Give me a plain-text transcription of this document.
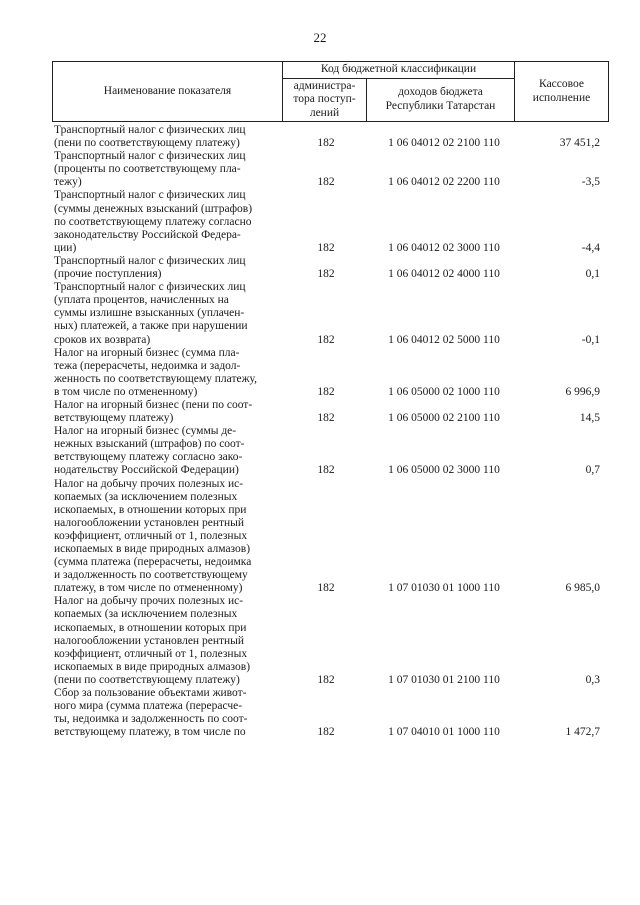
22
Наименование показателя	Код бюджетной классификации		Кассовое исполнение
	администра-тора поступ-лений	доходов бюджета Республики Татарстан	
Транспортный налог с физических лиц
(пени по соответствующему платежу)	182	1 06 04012 02 2100 110	37 451,2
Транспортный налог с физических лиц
(проценты по соответствующему пла-
тежу)	182	1 06 04012 02 2200 110	-3,5
Транспортный налог с физических лиц
(суммы денежных взысканий (штрафов)
по соответствующему платежу согласно
законодательству Российской Федера-
ции)	182	1 06 04012 02 3000 110	-4,4
Транспортный налог с физических лиц
(прочие поступления)	182	1 06 04012 02 4000 110	0,1
Транспортный налог с физических лиц
(уплата процентов, начисленных на
суммы излишне взысканных (уплачен-
ных) платежей, а также при нарушении
сроков их возврата)	182	1 06 04012 02 5000 110	-0,1
Налог на игорный бизнес (сумма пла-
тежа (перерасчеты, недоимка и задол-
женность по соответствующему платежу,
в том числе по отмененному)	182	1 06 05000 02 1000 110	6 996,9
Налог на игорный бизнес (пени по соот-
ветствующему платежу)	182	1 06 05000 02 2100 110	14,5
Налог на игорный бизнес (суммы де-
нежных взысканий (штрафов) по соот-
ветствующему платежу согласно зако-
нодательству Российской Федерации)	182	1 06 05000 02 3000 110	0,7
Налог на добычу прочих полезных ис-
копаемых (за исключением полезных
ископаемых, в отношении которых при
налогообложении установлен рентный
коэффициент, отличный от 1, полезных
ископаемых в виде природных алмазов)
(сумма платежа (перерасчеты, недоимка
и задолженность по соответствующему
платежу, в том числе по отмененному)	182	1 07 01030 01 1000 110	6 985,0
Налог на добычу прочих полезных ис-
копаемых (за исключением полезных
ископаемых, в отношении которых при
налогообложении установлен рентный
коэффициент, отличный от 1, полезных
ископаемых в виде природных алмазов)
(пени по соответствующему платежу)	182	1 07 01030 01 2100 110	0,3
Сбор за пользование объектами живот-
ного мира (сумма платежа (перерасче-
ты, недоимка и задолженность по соот-
ветствующему платежу, в том числе по	182	1 07 04010 01 1000 110	1 472,7
